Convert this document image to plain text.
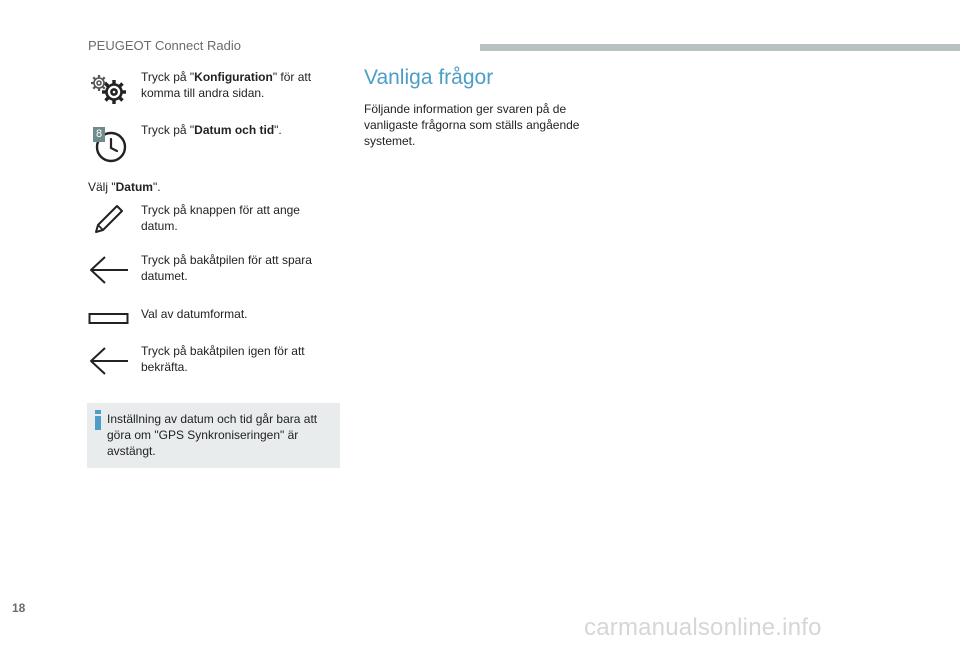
PEUGEOT Connect Radio
Tryck på "Konfiguration" för att komma till andra sidan.
8	Tryck på "Datum och tid".
Välj "Datum".
Tryck på knappen för att ange datum.
Tryck på bakåtpilen för att spara datumet.
Val av datumformat.
Tryck på bakåtpilen igen för att bekräfta.
Inställning av datum och tid går bara att göra om "GPS Synkroniseringen" är avstängt.
Vanliga frågor
Följande information ger svaren på de vanligaste frågorna som ställs angående systemet.
18
carmanualsonline.info
